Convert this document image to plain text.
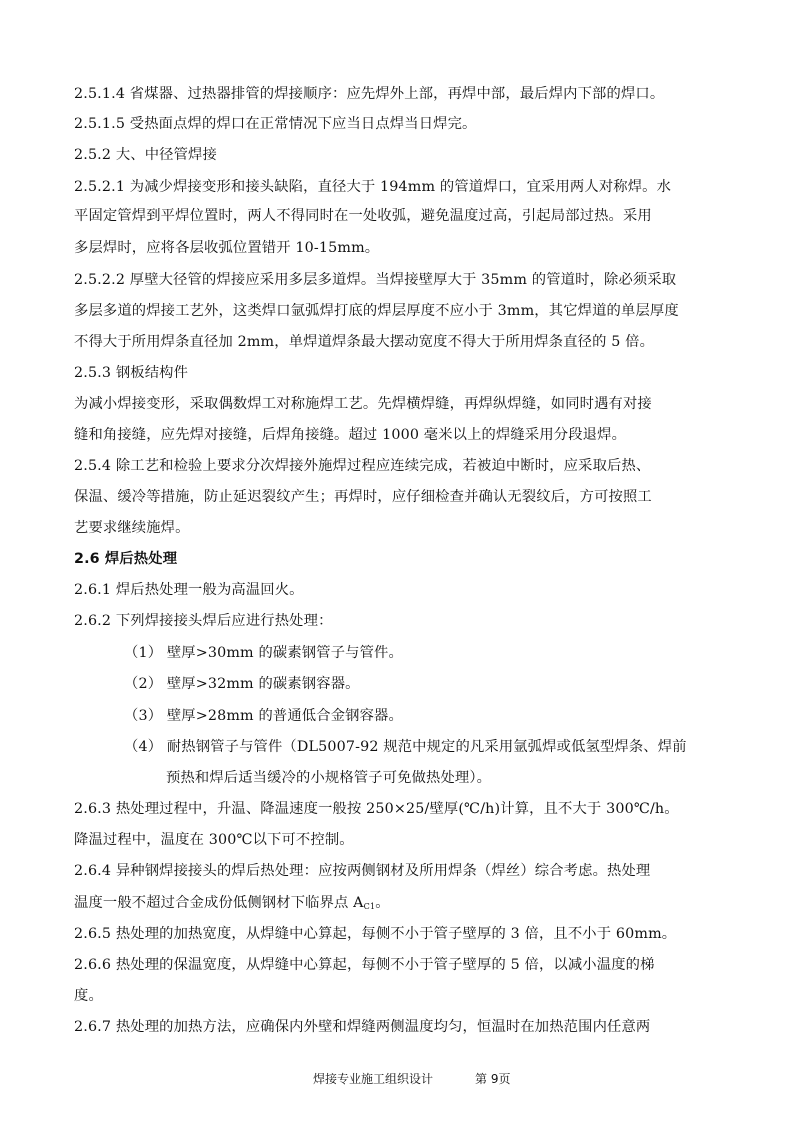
2.5.1.4 省煤器、过热器排管的焊接顺序：应先焊外上部，再焊中部，最后焊内下部的焊口。
2.5.1.5 受热面点焊的焊口在正常情况下应当日点焊当日焊完。
2.5.2 大、中径管焊接
2.5.2.1 为减少焊接变形和接头缺陷，直径大于 194mm 的管道焊口，宜采用两人对称焊。水
平固定管焊到平焊位置时，两人不得同时在一处收弧，避免温度过高，引起局部过热。采用
多层焊时，应将各层收弧位置错开 10-15mm。
2.5.2.2 厚壁大径管的焊接应采用多层多道焊。当焊接壁厚大于 35mm 的管道时，除必须采取
多层多道的焊接工艺外，这类焊口氩弧焊打底的焊层厚度不应小于 3mm，其它焊道的单层厚度
不得大于所用焊条直径加 2mm，单焊道焊条最大摆动宽度不得大于所用焊条直径的 5 倍。
2.5.3 钢板结构件
为减小焊接变形，采取偶数焊工对称施焊工艺。先焊横焊缝，再焊纵焊缝，如同时遇有对接
缝和角接缝，应先焊对接缝，后焊角接缝。超过 1000 毫米以上的焊缝采用分段退焊。
2.5.4 除工艺和检验上要求分次焊接外施焊过程应连续完成，若被迫中断时，应采取后热、
保温、缓冷等措施，防止延迟裂纹产生；再焊时，应仔细检查并确认无裂纹后，方可按照工
艺要求继续施焊。
2.6 焊后热处理
2.6.1 焊后热处理一般为高温回火。
2.6.2 下列焊接接头焊后应进行热处理：
（1） 壁厚>30mm 的碳素钢管子与管件。
（2） 壁厚>32mm 的碳素钢容器。
（3） 壁厚>28mm 的普通低合金钢容器。
（4） 耐热钢管子与管件（DL5007-92 规范中规定的凡采用氩弧焊或低氢型焊条、焊前
预热和焊后适当缓冷的小规格管子可免做热处理）。
2.6.3 热处理过程中，升温、降温速度一般按 250×25/壁厚(℃/h)计算，且不大于 300℃/h。
降温过程中，温度在 300℃以下可不控制。
2.6.4 异种钢焊接接头的焊后热处理：应按两侧钢材及所用焊条（焊丝）综合考虑。热处理
温度一般不超过合金成份低侧钢材下临界点 $A_{C1}$。
2.6.5 热处理的加热宽度，从焊缝中心算起，每侧不小于管子壁厚的 3 倍，且不小于 60mm。
2.6.6 热处理的保温宽度，从焊缝中心算起，每侧不小于管子壁厚的 5 倍，以减小温度的梯
度。
2.6.7 热处理的加热方法，应确保内外壁和焊缝两侧温度均匀，恒温时在加热范围内任意两
焊接专业施工组织设计	第 9页
